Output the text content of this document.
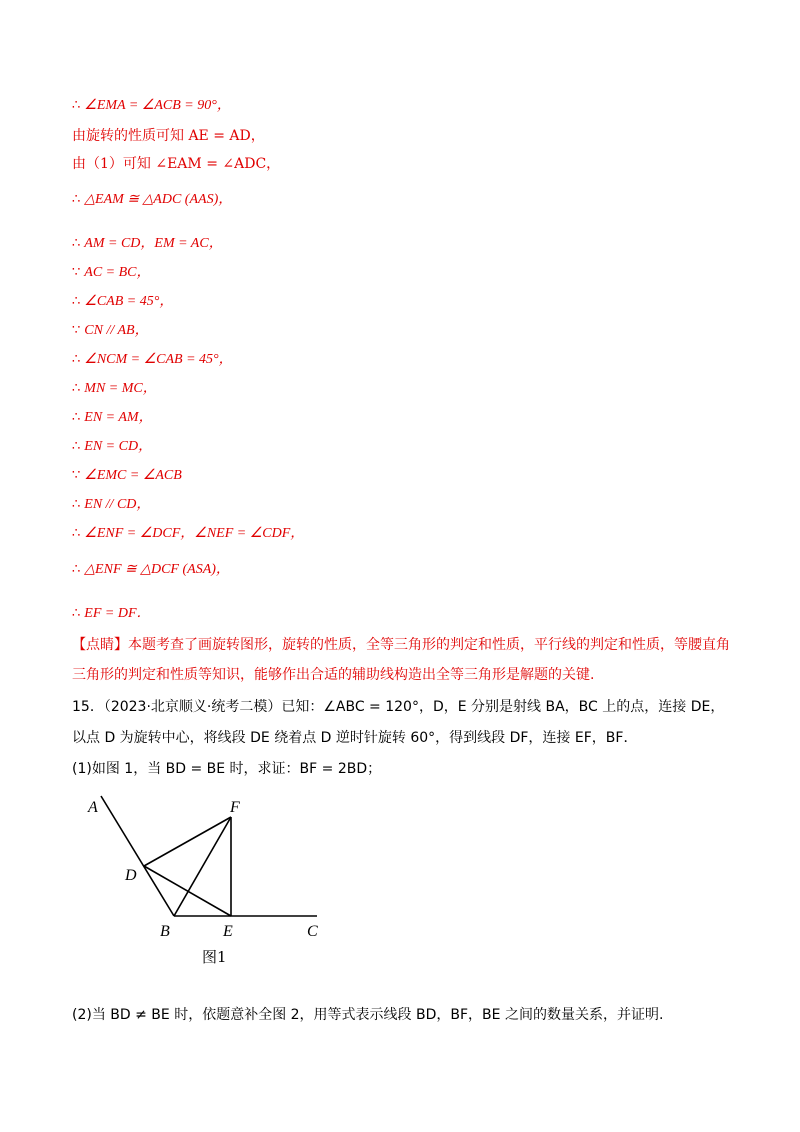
∴ ∠EMA = ∠ACB = 90°，
由旋转的性质可知 AE = AD，
由（1）可知 ∠EAM = ∠ADC，
∴ △EAM ≅ △ADC (AAS)，
∴ AM = CD，EM = AC，
∵ AC = BC，
∴ ∠CAB = 45°，
∵ CN // AB，
∴ ∠NCM = ∠CAB = 45°，
∴ MN = MC，
∴ EN = AM，
∴ EN = CD，
∵ ∠EMC = ∠ACB
∴ EN // CD，
∴ ∠ENF = ∠DCF，∠NEF = ∠CDF，
∴ △ENF ≅ △DCF (ASA)，
∴ EF = DF．
【点睛】本题考查了画旋转图形，旋转的性质，全等三角形的判定和性质，平行线的判定和性质，等腰直角三角形的判定和性质等知识，能够作出合适的辅助线构造出全等三角形是解题的关键.
15．（2023·北京顺义·统考二模）已知：∠ABC = 120°，D，E 分别是射线 BA，BC 上的点，连接 DE，
以点 D 为旋转中心，将线段 DE 绕着点 D 逆时针旋转 60°，得到线段 DF，连接 EF，BF．
(1)如图 1，当 BD = BE 时，求证：BF = 2BD；
A	F
D
B	E	C
图1
(2)当 BD ≠ BE 时，依题意补全图 2，用等式表示线段 BD，BF，BE 之间的数量关系，并证明.
